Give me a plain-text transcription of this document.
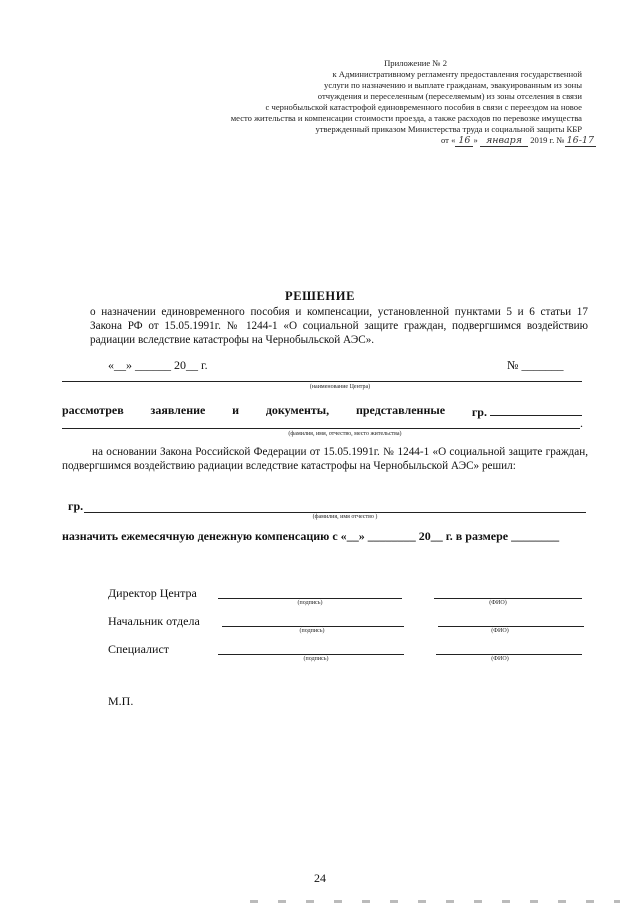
Приложение № 2
к Административному регламенту предоставления государственной
услуги по назначению и выплате гражданам, эвакуированным из зоны
отчуждения и переселенным (переселяемым) из зоны отселения в связи
с чернобыльской катастрофой единовременного пособия в связи с переездом на новое
место жительства и компенсации стоимости проезда, а также расходов по перевозке имущества
утвержденный приказом Министерства труда и социальной защиты КБР
от « 16 » января 2019 г. № 16-17
РЕШЕНИЕ
о назначении единовременного пособия и компенсации, установленной пунктами 5 и 6 статьи 17 Закона РФ от 15.05.1991г. № 1244-1 «О социальной защите граждан, подвергшимся воздействию радиации вследствие катастрофы на Чернобыльской АЭС».
«__» ______ 20__ г.	№ _______
(наименование Центра)
рассмотрев заявление и документы, представленные гр.
.
(фамилия, имя, отчество, место жительства)
на основании Закона Российской Федерации от 15.05.1991г. № 1244-1 «О социальной защите граждан, подвергшимся воздействию радиации вследствие катастрофы на Чернобыльской АЭС» решил:
гр.
(фамилия, имя отчество )
назначить ежемесячную денежную компенсацию с «__» ________ 20__ г. в размере ________
Директор Центра
(подпись)	(ФИО)
Начальник отдела
(подпись)	(ФИО)
Специалист
(подпись)	(ФИО)
М.П.
24
